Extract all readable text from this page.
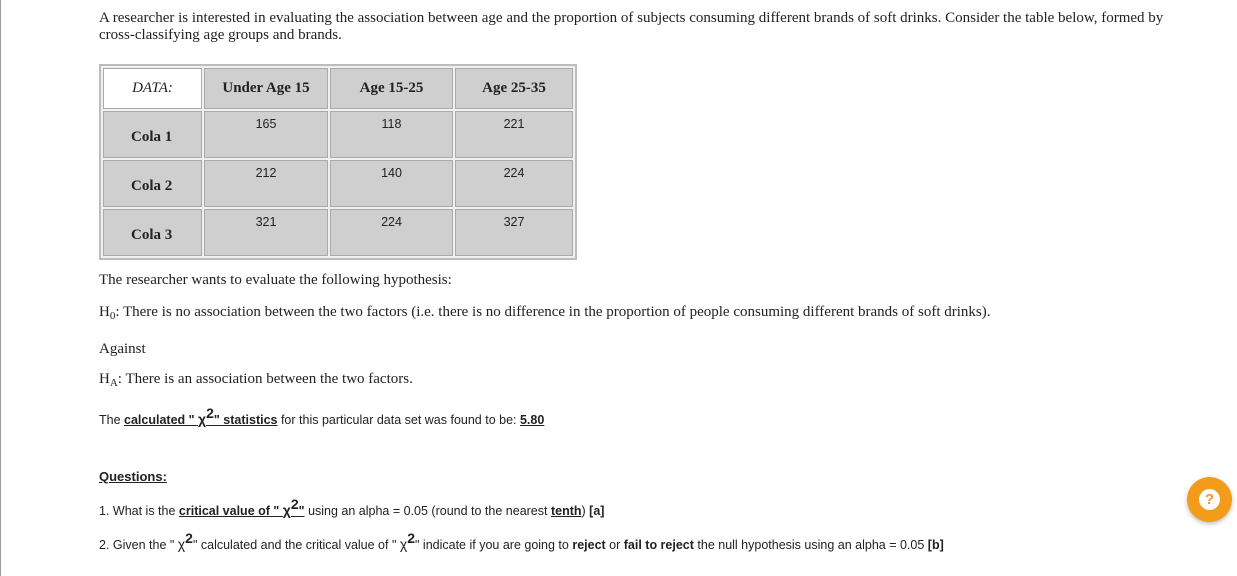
A researcher is interested in evaluating the association between age and the proportion of subjects consuming different brands of soft drinks. Consider the table below, formed by cross-classifying age groups and brands.
DATA:	Under Age 15	Age 15-25	Age 25-35
Cola 1	165	118	221
Cola 2	212	140	224
Cola 3	321	224	327
The researcher wants to evaluate the following hypothesis:
$H_0$: There is no association between the two factors (i.e. there is no difference in the proportion of people consuming different brands of soft drinks).
Against
$H_A$: There is an association between the two factors.
The calculated " χ2" statistics for this particular data set was found to be: 5.80
Questions:
1. What is the critical value of " χ2" using an alpha = 0.05 (round to the nearest tenth) [a]
2. Given the " χ2" calculated and the critical value of " χ2" indicate if you are going to reject or fail to reject the null hypothesis using an alpha = 0.05 [b]
?
